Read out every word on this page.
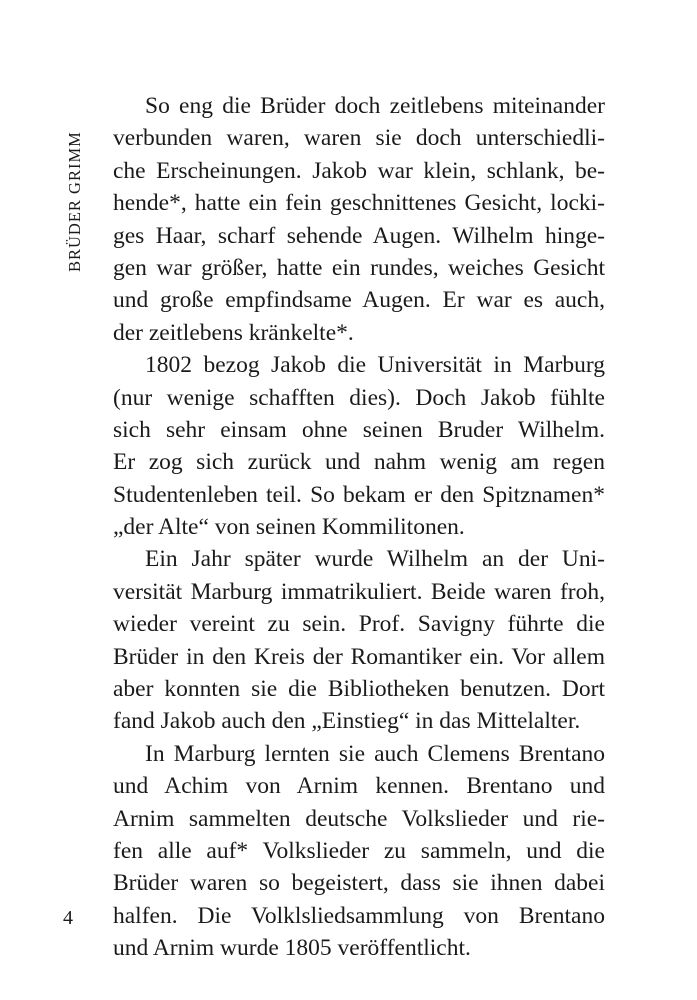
BRÜDER GRIMM
So eng die Brüder doch zeitlebens miteinander
verbunden waren, waren sie doch unterschiedli-
che Erscheinungen. Jakob war klein, schlank, be-
hende*, hatte ein fein geschnittenes Gesicht, locki-
ges Haar, scharf sehende Augen. Wilhelm hinge-
gen war größer, hatte ein rundes, weiches Gesicht
und große empfindsame Augen. Er war es auch,
der zeitlebens kränkelte*.
1802 bezog Jakob die Universität in Marburg
(nur wenige schafften dies). Doch Jakob fühlte
sich sehr einsam ohne seinen Bruder Wilhelm.
Er zog sich zurück und nahm wenig am regen
Studentenleben teil. So bekam er den Spitznamen*
„der Alte“ von seinen Kommilitonen.
Ein Jahr später wurde Wilhelm an der Uni-
versität Marburg immatrikuliert. Beide waren froh,
wieder vereint zu sein. Prof. Savigny führte die
Brüder in den Kreis der Romantiker ein. Vor allem
aber konnten sie die Bibliotheken benutzen. Dort
fand Jakob auch den „Einstieg“ in das Mittelalter.
In Marburg lernten sie auch Clemens Brentano
und Achim von Arnim kennen. Brentano und
Arnim sammelten deutsche Volkslieder und rie-
fen alle auf* Volkslieder zu sammeln, und die
Brüder waren so begeistert, dass sie ihnen dabei
halfen. Die Volklsliedsammlung von Brentano
und Arnim wurde 1805 veröffentlicht.
4
